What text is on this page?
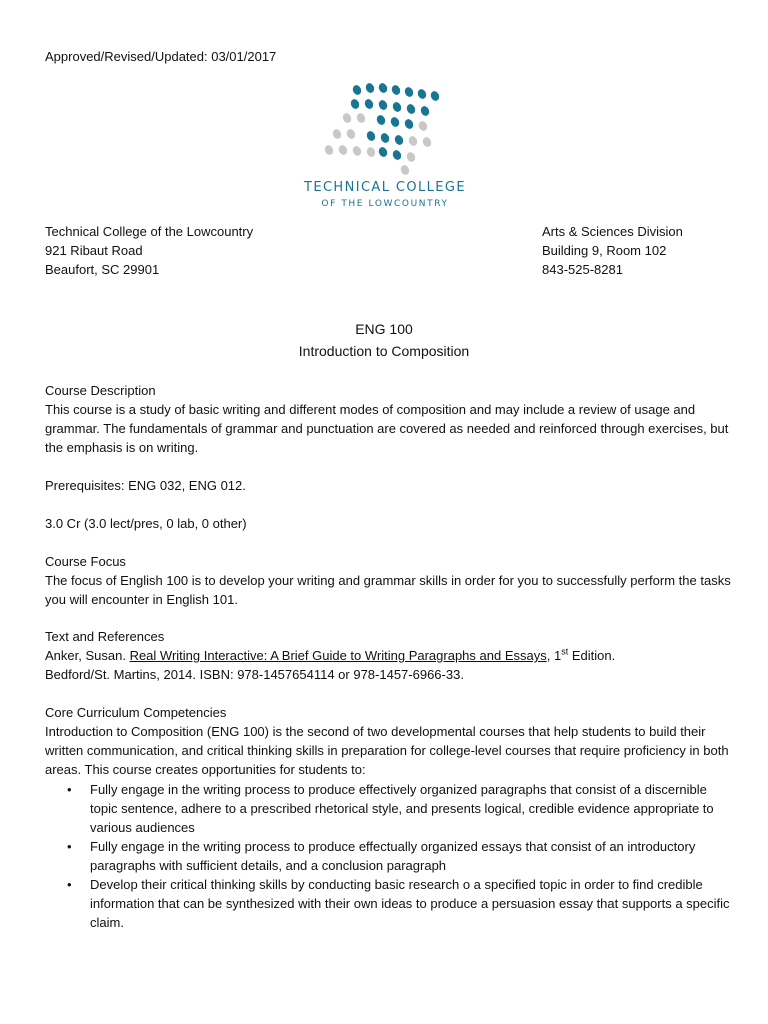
Approved/Revised/Updated: 03/01/2017
TECHNICAL COLLEGE
OF THE LOWCOUNTRY
Technical College of the Lowcountry
921 Ribaut Road
Beaufort, SC 29901
Arts & Sciences Division
Building 9, Room 102
843-525-8281
ENG 100
Introduction to Composition

Course Description

This course is a study of basic writing and different modes of composition and may include a review of usage and grammar. The fundamentals of grammar and punctuation are covered as needed and reinforced through exercises, but the emphasis is on writing.

Prerequisites: ENG 032, ENG 012.
3.0 Cr (3.0 lect/pres, 0 lab, 0 other)

Course Focus

The focus of English 100 is to develop your writing and grammar skills in order for you to successfully perform the tasks you will encounter in English 101.

Text and References

Anker, Susan. Real Writing Interactive: A Brief Guide to Writing Paragraphs and Essays, 1st Edition.

Bedford/St. Martins, 2014. ISBN: 978-1457654114 or 978-1457-6966-33.

Core Curriculum Competencies

Introduction to Composition (ENG 100) is the second of two developmental courses that help students to build their written communication, and critical thinking skills in preparation for college-level courses that require proficiency in both areas. This course creates opportunities for students to:

• Fully engage in the writing process to produce effectively organized paragraphs that consist of a discernible topic sentence, adhere to a prescribed rhetorical style, and presents logical, credible evidence appropriate to various audiences
• Fully engage in the writing process to produce effectually organized essays that consist of an introductory paragraphs with sufficient details, and a conclusion paragraph
• Develop their critical thinking skills by conducting basic research o a specified topic in order to find credible information that can be synthesized with their own ideas to produce a persuasion essay that supports a specific claim.
